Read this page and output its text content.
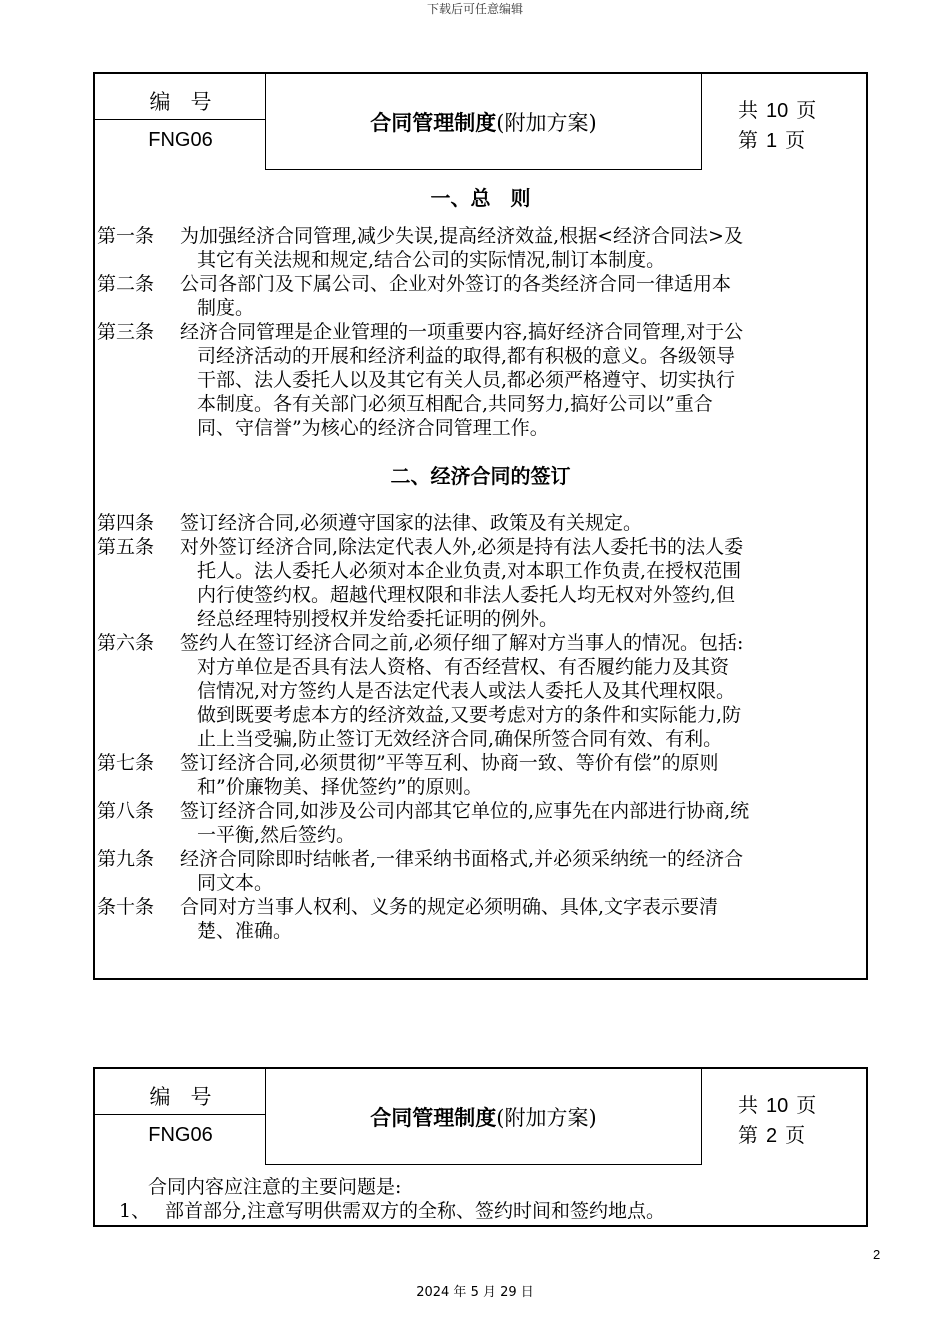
下载后可任意编辑
编号
FNG06
合同管理制度 (附加方案)
共 10 页
第 1 页
一、总　则
第一条 为加强经济合同管理,减少失误,提高经济效益,根据<经济合同法>及
其它有关法规和规定,结合公司的实际情况,制订本制度。
第二条 公司各部门及下属公司、企业对外签订的各类经济合同一律适用本
制度。
第三条 经济合同管理是企业管理的一项重要内容,搞好经济合同管理,对于公
司经济活动的开展和经济利益的取得,都有积极的意义。各级领导
干部、法人委托人以及其它有关人员,都必须严格遵守、切实执行
本制度。各有关部门必须互相配合,共同努力,搞好公司以”重合
同、守信誉”为核心的经济合同管理工作。
二、经济合同的签订
第四条 签订经济合同,必须遵守国家的法律、政策及有关规定。
第五条 对外签订经济合同,除法定代表人外,必须是持有法人委托书的法人委
托人。法人委托人必须对本企业负责,对本职工作负责,在授权范围
内行使签约权。超越代理权限和非法人委托人均无权对外签约,但
经总经理特别授权并发给委托证明的例外。
第六条 签约人在签订经济合同之前,必须仔细了解对方当事人的情况。包括:
对方单位是否具有法人资格、有否经营权、有否履约能力及其资
信情况,对方签约人是否法定代表人或法人委托人及其代理权限。
做到既要考虑本方的经济效益,又要考虑对方的条件和实际能力,防
止上当受骗,防止签订无效经济合同,确保所签合同有效、有利。
第七条 签订经济合同,必须贯彻”平等互利、协商一致、等价有偿”的原则
和”价廉物美、择优签约”的原则。
第八条 签订经济合同,如涉及公司内部其它单位的,应事先在内部进行协商,统
一平衡,然后签约。
第九条 经济合同除即时结帐者,一律采纳书面格式,并必须采纳统一的经济合
同文本。
条十条 合同对方当事人权利、义务的规定必须明确、具体,文字表示要清
楚、准确。
编号
FNG06
合同管理制度 (附加方案)
共 10 页
第 2 页
合同内容应注意的主要问题是:
1、 部首部分,注意写明供需双方的全称、签约时间和签约地点。
2
2024 年 5 月 29 日
